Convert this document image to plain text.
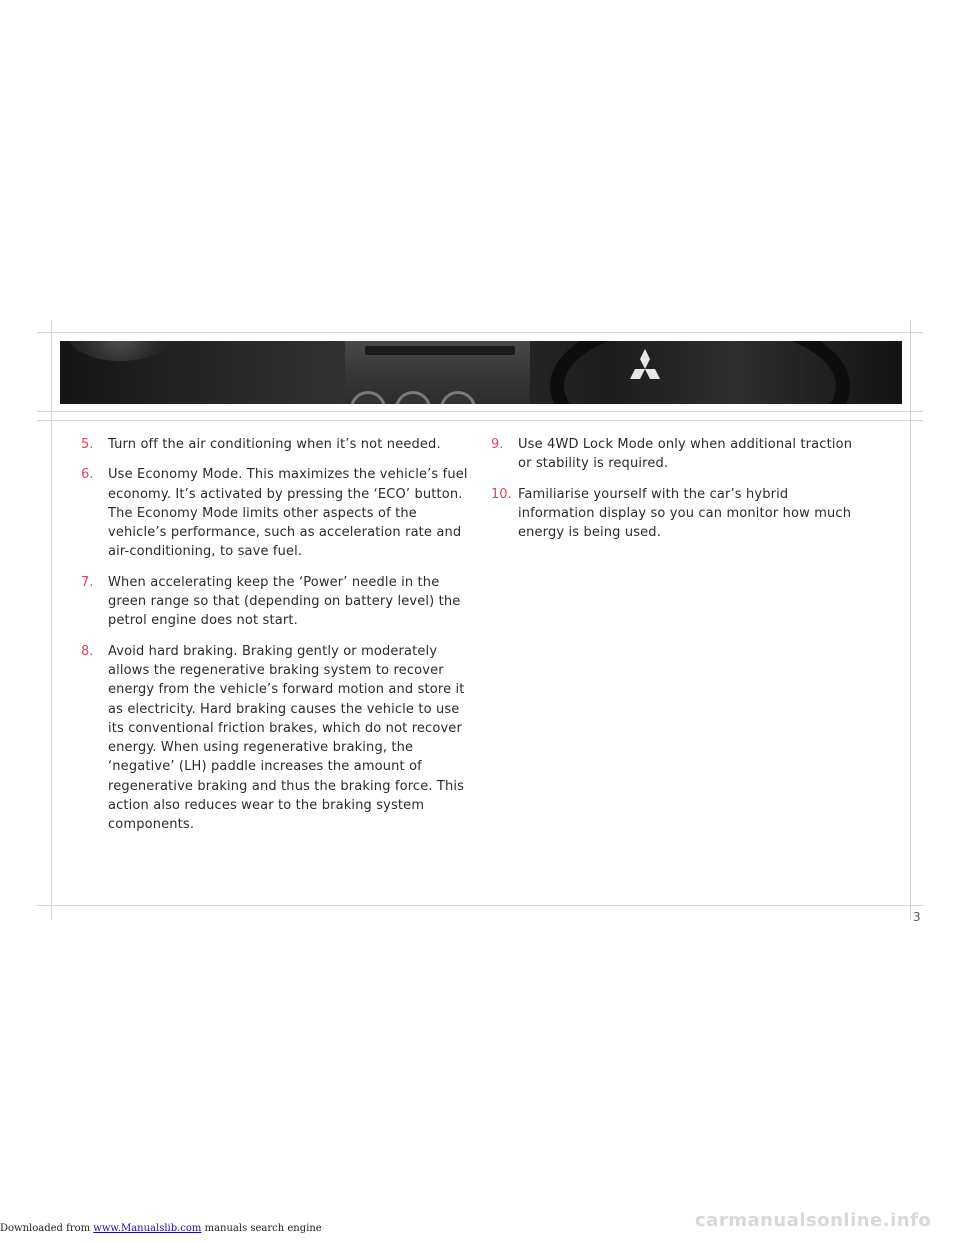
5. Turn off the air conditioning when it’s not needed.
6. Use Economy Mode. This maximizes the vehicle’s fuel economy. It’s activated by pressing the ‘ECO’ button. The Economy Mode limits other aspects of the vehicle’s performance, such as acceleration rate and air-conditioning, to save fuel.
7. When accelerating keep the ‘Power’ needle in the green range so that (depending on battery level) the petrol engine does not start.
8. Avoid hard braking. Braking gently or moderately allows the regenerative braking system to recover energy from the vehicle’s forward motion and store it as electricity. Hard braking causes the vehicle to use its conventional friction brakes, which do not recover energy. When using regenerative braking, the ‘negative’ (LH) paddle increases the amount of regenerative braking and thus the braking force. This action also reduces wear to the braking system components.
9. Use 4WD Lock Mode only when additional traction or stability is required.
10. Familiarise yourself with the car’s hybrid information display so you can monitor how much energy is being used.
3
carmanualsonline.info
Downloaded from www.Manualslib.com manuals search engine
